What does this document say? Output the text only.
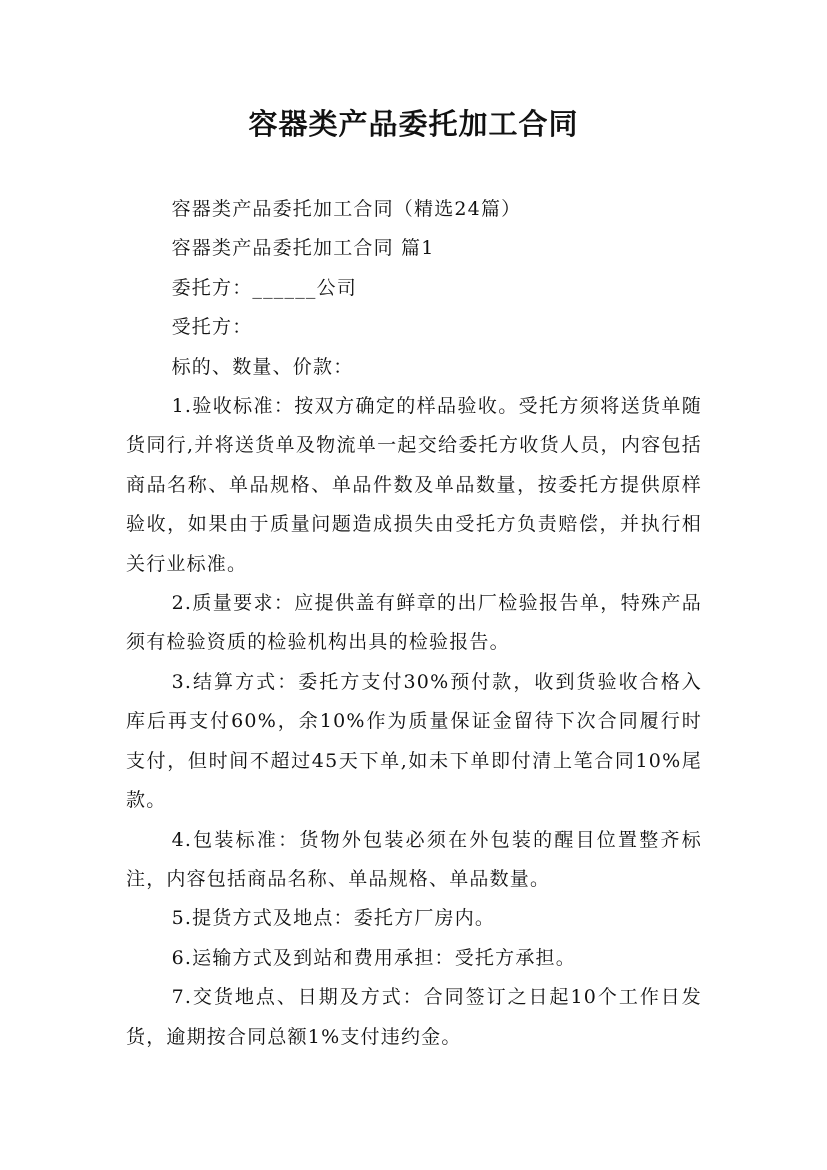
容器类产品委托加工合同

容器类产品委托加工合同（精选24篇）

容器类产品委托加工合同 篇1

委托方：______公司

受托方：

标的、数量、价款：

1.验收标准：按双方确定的样品验收。受托方须将送货单随货同行,并将送货单及物流单一起交给委托方收货人员，内容包括商品名称、单品规格、单品件数及单品数量，按委托方提供原样验收，如果由于质量问题造成损失由受托方负责赔偿，并执行相关行业标准。

2.质量要求：应提供盖有鲜章的出厂检验报告单，特殊产品须有检验资质的检验机构出具的检验报告。

3.结算方式：委托方支付30%预付款，收到货验收合格入库后再支付60%，余10%作为质量保证金留待下次合同履行时支付，但时间不超过45天下单,如未下单即付清上笔合同10%尾款。

4.包装标准：货物外包装必须在外包装的醒目位置整齐标注，内容包括商品名称、单品规格、单品数量。

5.提货方式及地点：委托方厂房内。

6.运输方式及到站和费用承担：受托方承担。

7.交货地点、日期及方式：合同签订之日起10个工作日发货，逾期按合同总额1%支付违约金。
